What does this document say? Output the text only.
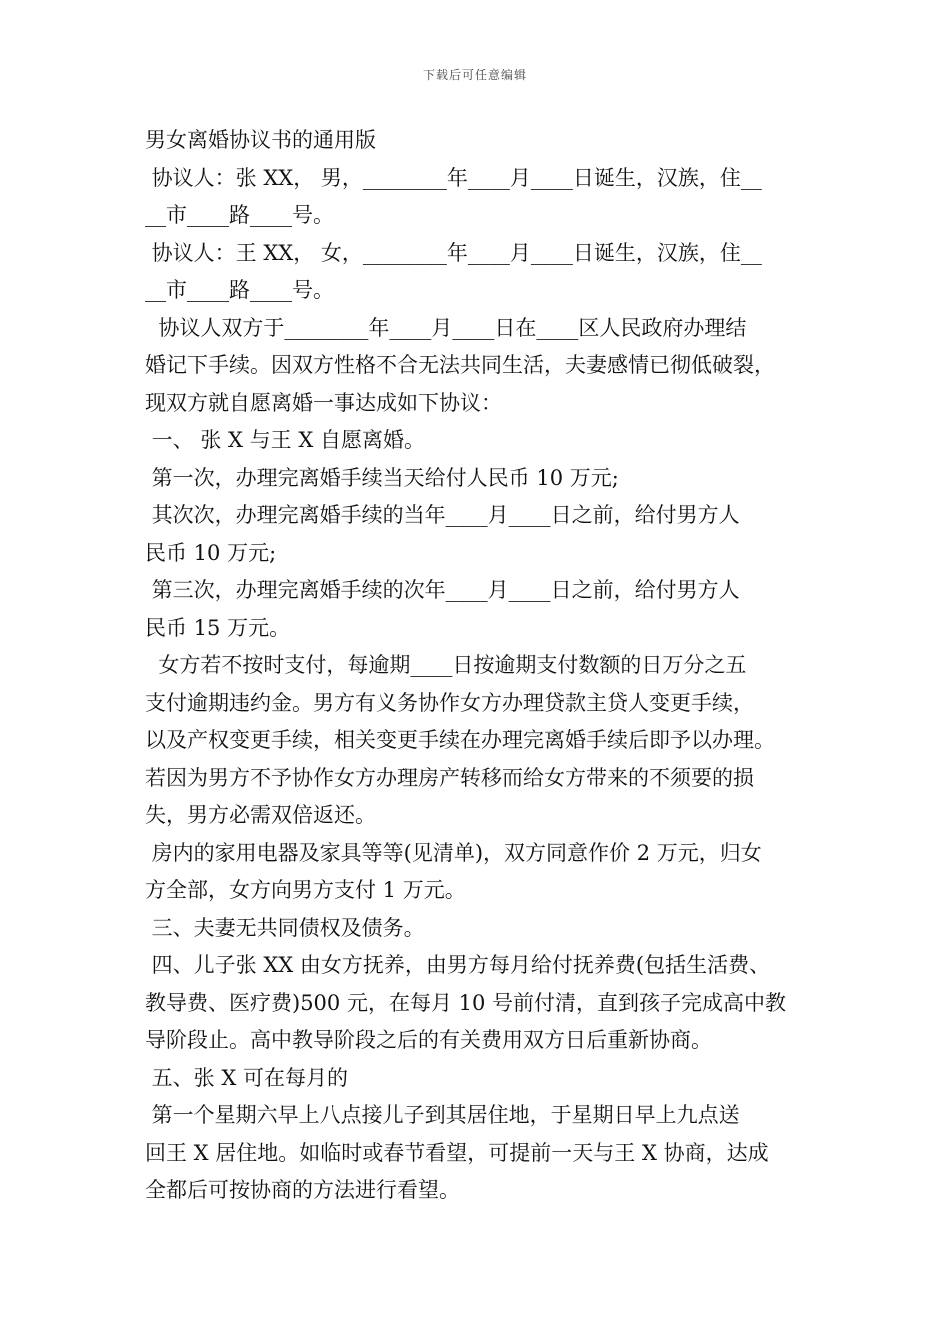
下载后可任意编辑
男女离婚协议书的通用版
协议人：张 XX， 男，________年____月____日诞生，汉族，住__
__市____路____号。
协议人：王 XX， 女，________年____月____日诞生，汉族，住__
__市____路____号。
协议人双方于________年____月____日在____区人民政府办理结
婚记下手续。因双方性格不合无法共同生活，夫妻感情已彻低破裂，
现双方就自愿离婚一事达成如下协议：
一、 张 X 与王 X 自愿离婚。
第一次，办理完离婚手续当天给付人民币 10 万元;
其次次，办理完离婚手续的当年____月____日之前，给付男方人
民币 10 万元;
第三次，办理完离婚手续的次年____月____日之前，给付男方人
民币 15 万元。
女方若不按时支付，每逾期____日按逾期支付数额的日万分之五
支付逾期违约金。男方有义务协作女方办理贷款主贷人变更手续，
以及产权变更手续，相关变更手续在办理完离婚手续后即予以办理。
若因为男方不予协作女方办理房产转移而给女方带来的不须要的损
失，男方必需双倍返还。
房内的家用电器及家具等等(见清单)，双方同意作价 2 万元，归女
方全部，女方向男方支付 1 万元。
三、夫妻无共同债权及债务。
四、儿子张 XX 由女方抚养，由男方每月给付抚养费(包括生活费、
教导费、医疗费)500 元，在每月 10 号前付清，直到孩子完成高中教
导阶段止。高中教导阶段之后的有关费用双方日后重新协商。
五、张 X 可在每月的
第一个星期六早上八点接儿子到其居住地，于星期日早上九点送
回王 X 居住地。如临时或春节看望，可提前一天与王 X 协商，达成
全都后可按协商的方法进行看望。
